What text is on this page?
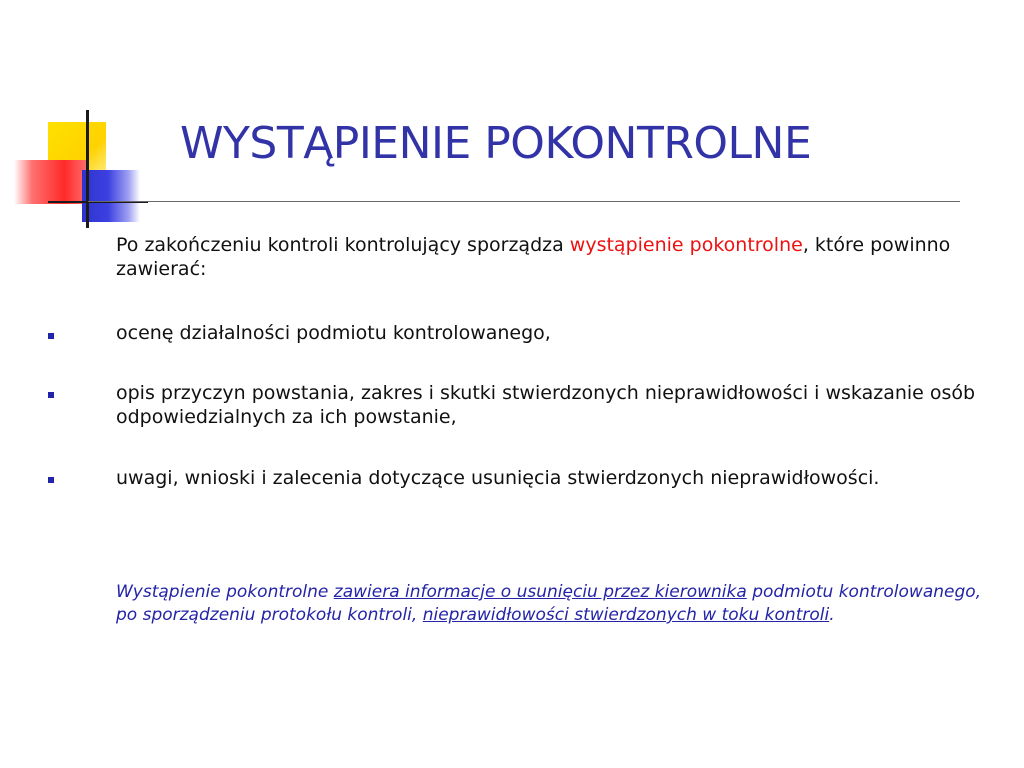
WYSTĄPIENIE POKONTROLNE

Po zakończeniu kontroli kontrolujący sporządza wystąpienie pokontrolne, które powinno zawierać:

ocenę działalności podmiotu kontrolowanego,

opis przyczyn powstania, zakres i skutki stwierdzonych nieprawidłowości i wskazanie osób odpowiedzialnych za ich powstanie,

uwagi, wnioski i zalecenia dotyczące usunięcia stwierdzonych nieprawidłowości.

Wystąpienie pokontrolne zawiera informacje o usunięciu przez kierownika podmiotu kontrolowanego, po sporządzeniu protokołu kontroli, nieprawidłowości stwierdzonych w toku kontroli.
